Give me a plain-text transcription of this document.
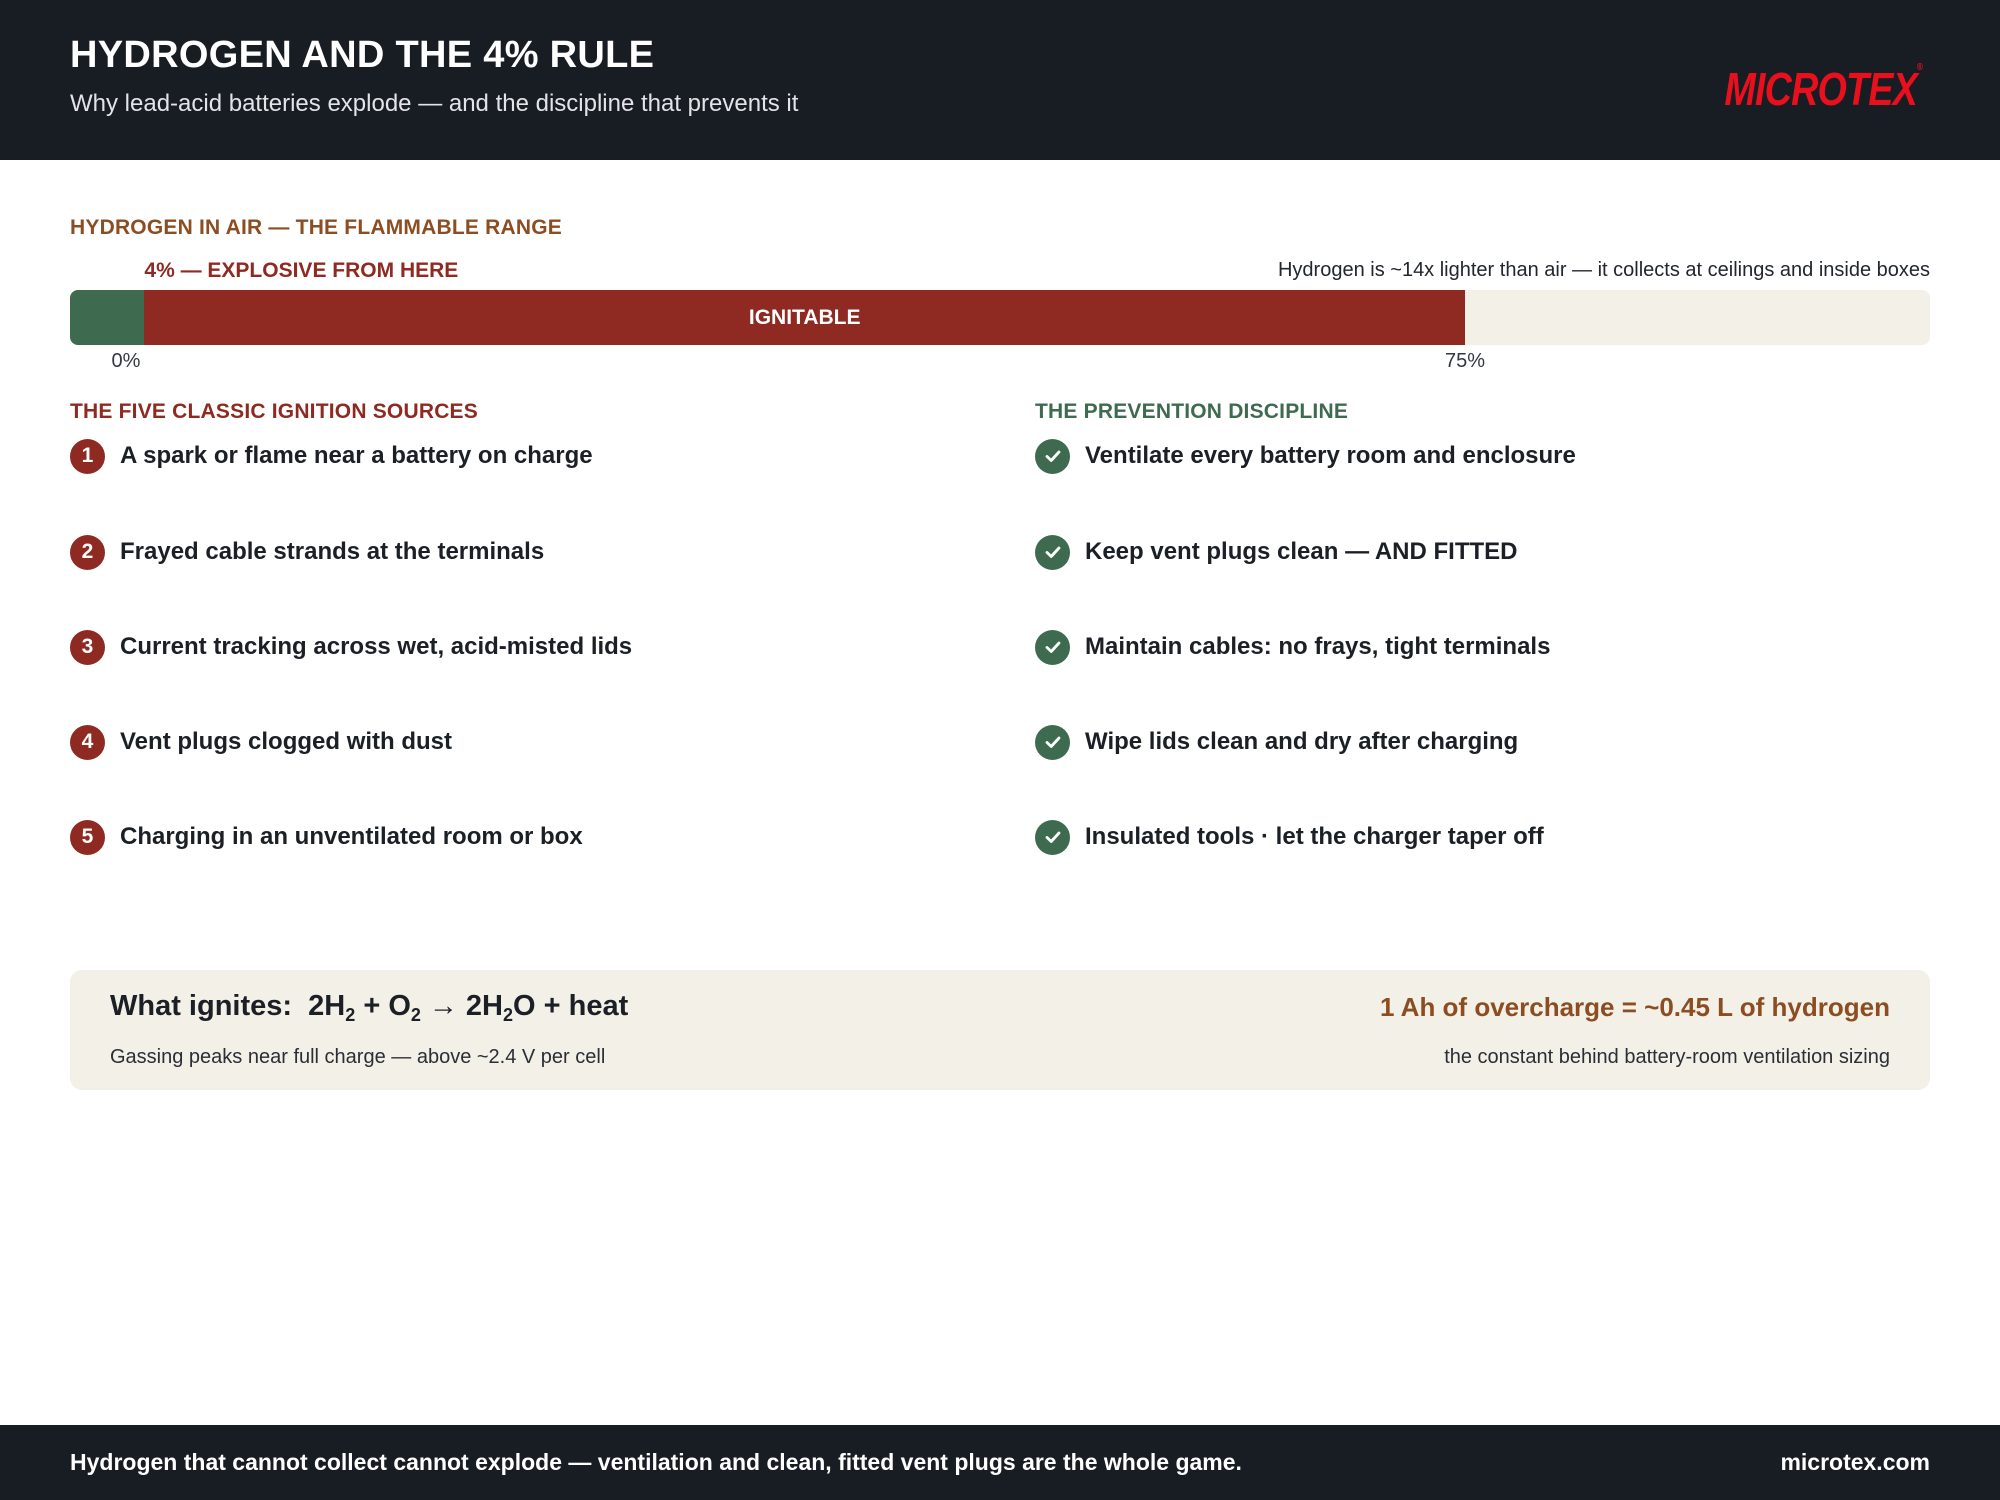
HYDROGEN AND THE 4% RULE
Why lead-acid batteries explode — and the discipline that prevents it	MICROTEX®
HYDROGEN IN AIR — THE FLAMMABLE RANGE
4% — EXPLOSIVE FROM HERE	Hydrogen is ~14x lighter than air — it collects at ceilings and inside boxes
IGNITABLE
0%	75%
THE FIVE CLASSIC IGNITION SOURCES	THE PREVENTION DISCIPLINE
1	A spark or flame near a battery on charge
2	Frayed cable strands at the terminals
3	Current tracking across wet, acid-misted lids
4	Vent plugs clogged with dust
5	Charging in an unventilated room or box
Ventilate every battery room and enclosure
Keep vent plugs clean — AND FITTED
Maintain cables: no frays, tight terminals
Wipe lids clean and dry after charging
Insulated tools · let the charger taper off
What ignites: $2H_2 + O_2 \to 2H_2O$ + heat
Gassing peaks near full charge — above ~2.4 V per cell
1 Ah of overcharge = ~0.45 L of hydrogen
the constant behind battery-room ventilation sizing
Hydrogen that cannot collect cannot explode — ventilation and clean, fitted vent plugs are the whole game.	microtex.com
